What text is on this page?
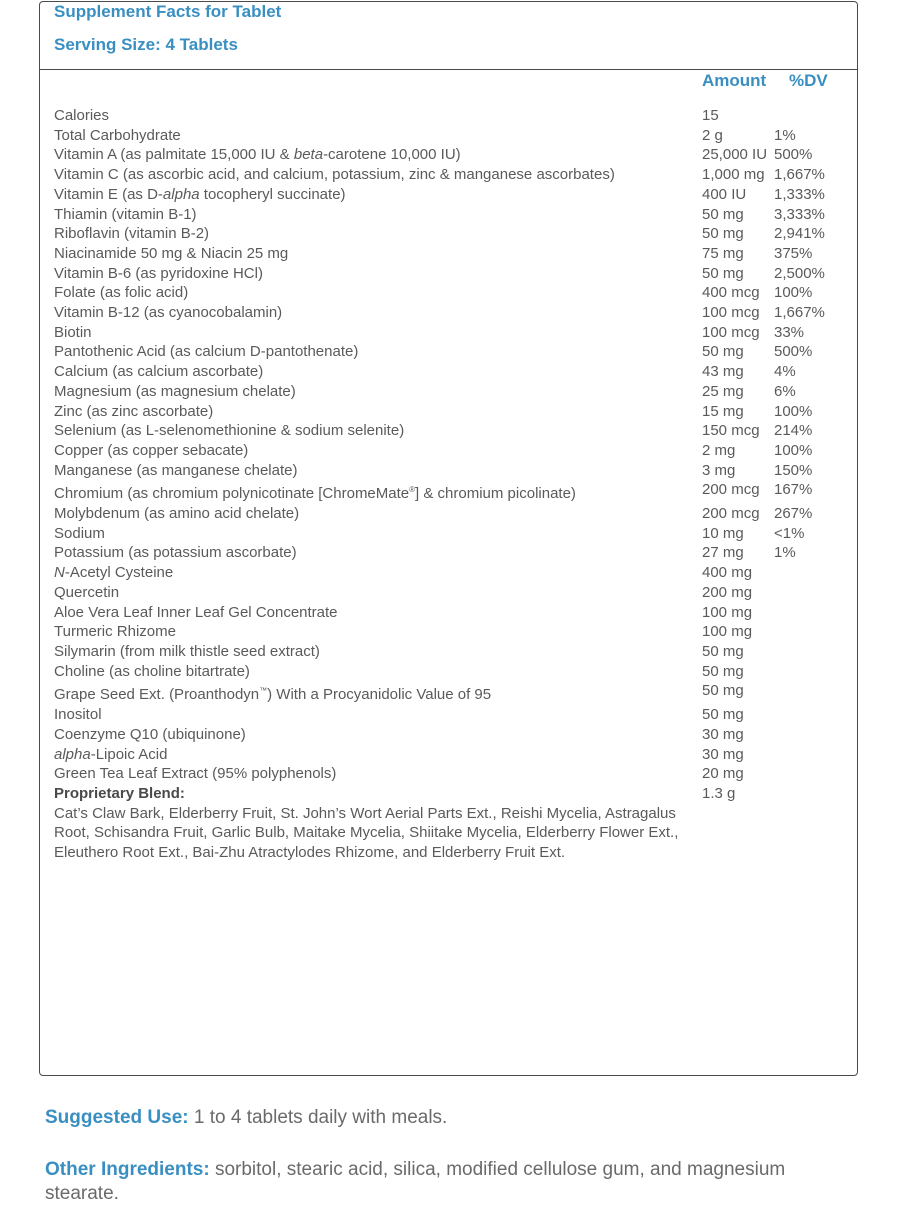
Supplement Facts for Tablet
Serving Size: 4 Tablets
Amount %DV
Calories	15
Total Carbohydrate	2 g	1%
Vitamin A (as palmitate 15,000 IU & beta-carotene 10,000 IU)	25,000 IU 500%
Vitamin C (as ascorbic acid, and calcium, potassium, zinc & manganese ascorbates)	1,000 mg 1,667%
Vitamin E (as D-alpha tocopheryl succinate)	400 IU	1,333%
Thiamin (vitamin B-1)	50 mg	3,333%
Riboflavin (vitamin B-2)	50 mg	2,941%
Niacinamide 50 mg & Niacin 25 mg	75 mg	375%
Vitamin B-6 (as pyridoxine HCl)	50 mg	2,500%
Folate (as folic acid)	400 mcg 100%
Vitamin B-12 (as cyanocobalamin)	100 mcg 1,667%
Biotin	100 mcg 33%
Pantothenic Acid (as calcium D-pantothenate)	50 mg	500%
Calcium (as calcium ascorbate)	43 mg	4%
Magnesium (as magnesium chelate)	25 mg	6%
Zinc (as zinc ascorbate)	15 mg	100%
Selenium (as L-selenomethionine & sodium selenite)	150 mcg 214%
Copper (as copper sebacate)	2 mg	100%
Manganese (as manganese chelate)	3 mg	150%
Chromium (as chromium polynicotinate [ChromeMate®] & chromium picolinate)	200 mcg 167%
Molybdenum (as amino acid chelate)	200 mcg 267%
Sodium	10 mg	<1%
Potassium (as potassium ascorbate)	27 mg	1%
N-Acetyl Cysteine	400 mg
Quercetin	200 mg
Aloe Vera Leaf Inner Leaf Gel Concentrate	100 mg
Turmeric Rhizome	100 mg
Silymarin (from milk thistle seed extract)	50 mg
Choline (as choline bitartrate)	50 mg
Grape Seed Ext. (Proanthodyn™) With a Procyanidolic Value of 95	50 mg
Inositol	50 mg
Coenzyme Q10 (ubiquinone)	30 mg
alpha-Lipoic Acid	30 mg
Green Tea Leaf Extract (95% polyphenols)	20 mg
Proprietary Blend:	1.3 g
Cat’s Claw Bark, Elderberry Fruit, St. John’s Wort Aerial Parts Ext., Reishi Mycelia, Astragalus Root, Schisandra Fruit, Garlic Bulb, Maitake Mycelia, Shiitake Mycelia, Elderberry Flower Ext., Eleuthero Root Ext., Bai-Zhu Atractylodes Rhizome, and Elderberry Fruit Ext.
Suggested Use: 1 to 4 tablets daily with meals.
Other Ingredients: sorbitol, stearic acid, silica, modified cellulose gum, and magnesium stearate.
